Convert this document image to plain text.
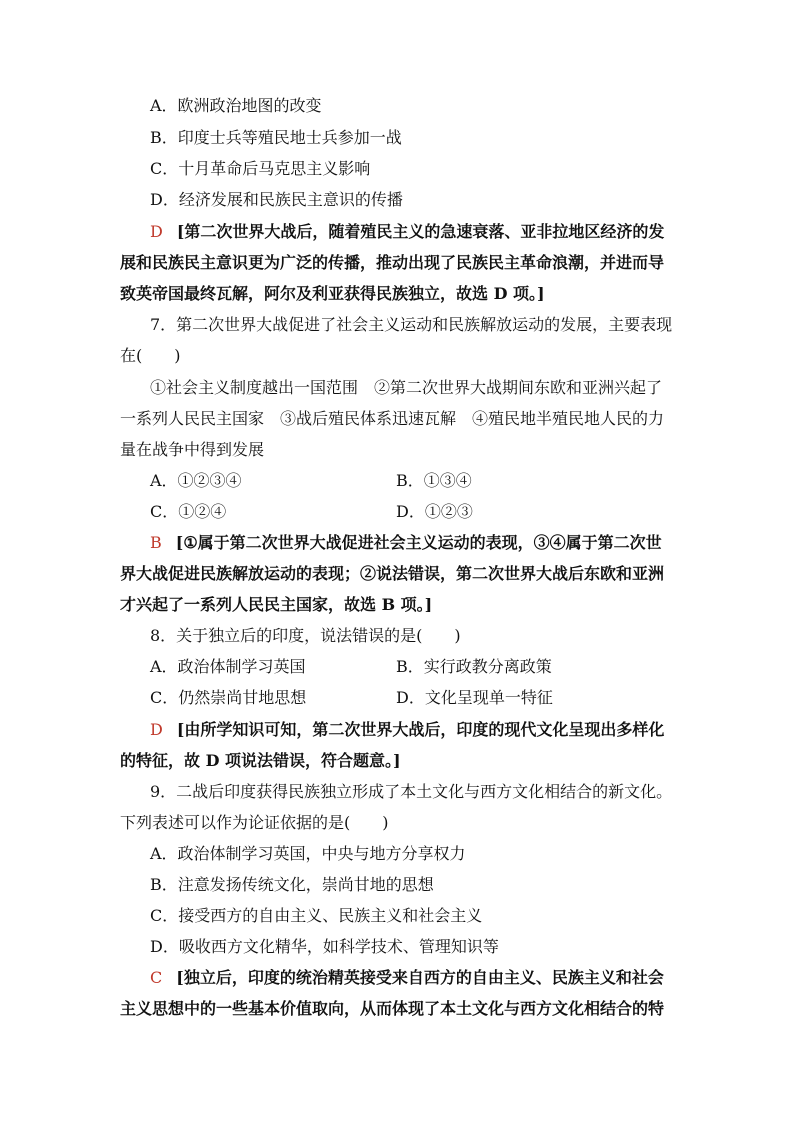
A．欧洲政治地图的改变
B．印度士兵等殖民地士兵参加一战
C．十月革命后马克思主义影响
D．经济发展和民族民主意识的传播
D [第二次世界大战后，随着殖民主义的急速衰落、亚非拉地区经济的发
展和民族民主意识更为广泛的传播，推动出现了民族民主革命浪潮，并进而导
致英帝国最终瓦解，阿尔及利亚获得民族独立，故选 D 项。]
7．第二次世界大战促进了社会主义运动和民族解放运动的发展，主要表现
在(　　)
①社会主义制度越出一国范围　②第二次世界大战期间东欧和亚洲兴起了
一系列人民民主国家　③战后殖民体系迅速瓦解　④殖民地半殖民地人民的力
量在战争中得到发展
A．①②③④	B．①③④
C．①②④	D．①②③
B [①属于第二次世界大战促进社会主义运动的表现，③④属于第二次世
界大战促进民族解放运动的表现；②说法错误，第二次世界大战后东欧和亚洲
才兴起了一系列人民民主国家，故选 B 项。]
8．关于独立后的印度，说法错误的是(　　)
A．政治体制学习英国	B．实行政教分离政策
C．仍然崇尚甘地思想	D．文化呈现单一特征
D [由所学知识可知，第二次世界大战后，印度的现代文化呈现出多样化
的特征，故 D 项说法错误，符合题意。]
9．二战后印度获得民族独立形成了本土文化与西方文化相结合的新文化。
下列表述可以作为论证依据的是(　　)
A．政治体制学习英国，中央与地方分享权力
B．注意发扬传统文化，崇尚甘地的思想
C．接受西方的自由主义、民族主义和社会主义
D．吸收西方文化精华，如科学技术、管理知识等
C [独立后，印度的统治精英接受来自西方的自由主义、民族主义和社会
主义思想中的一些基本价值取向，从而体现了本土文化与西方文化相结合的特
